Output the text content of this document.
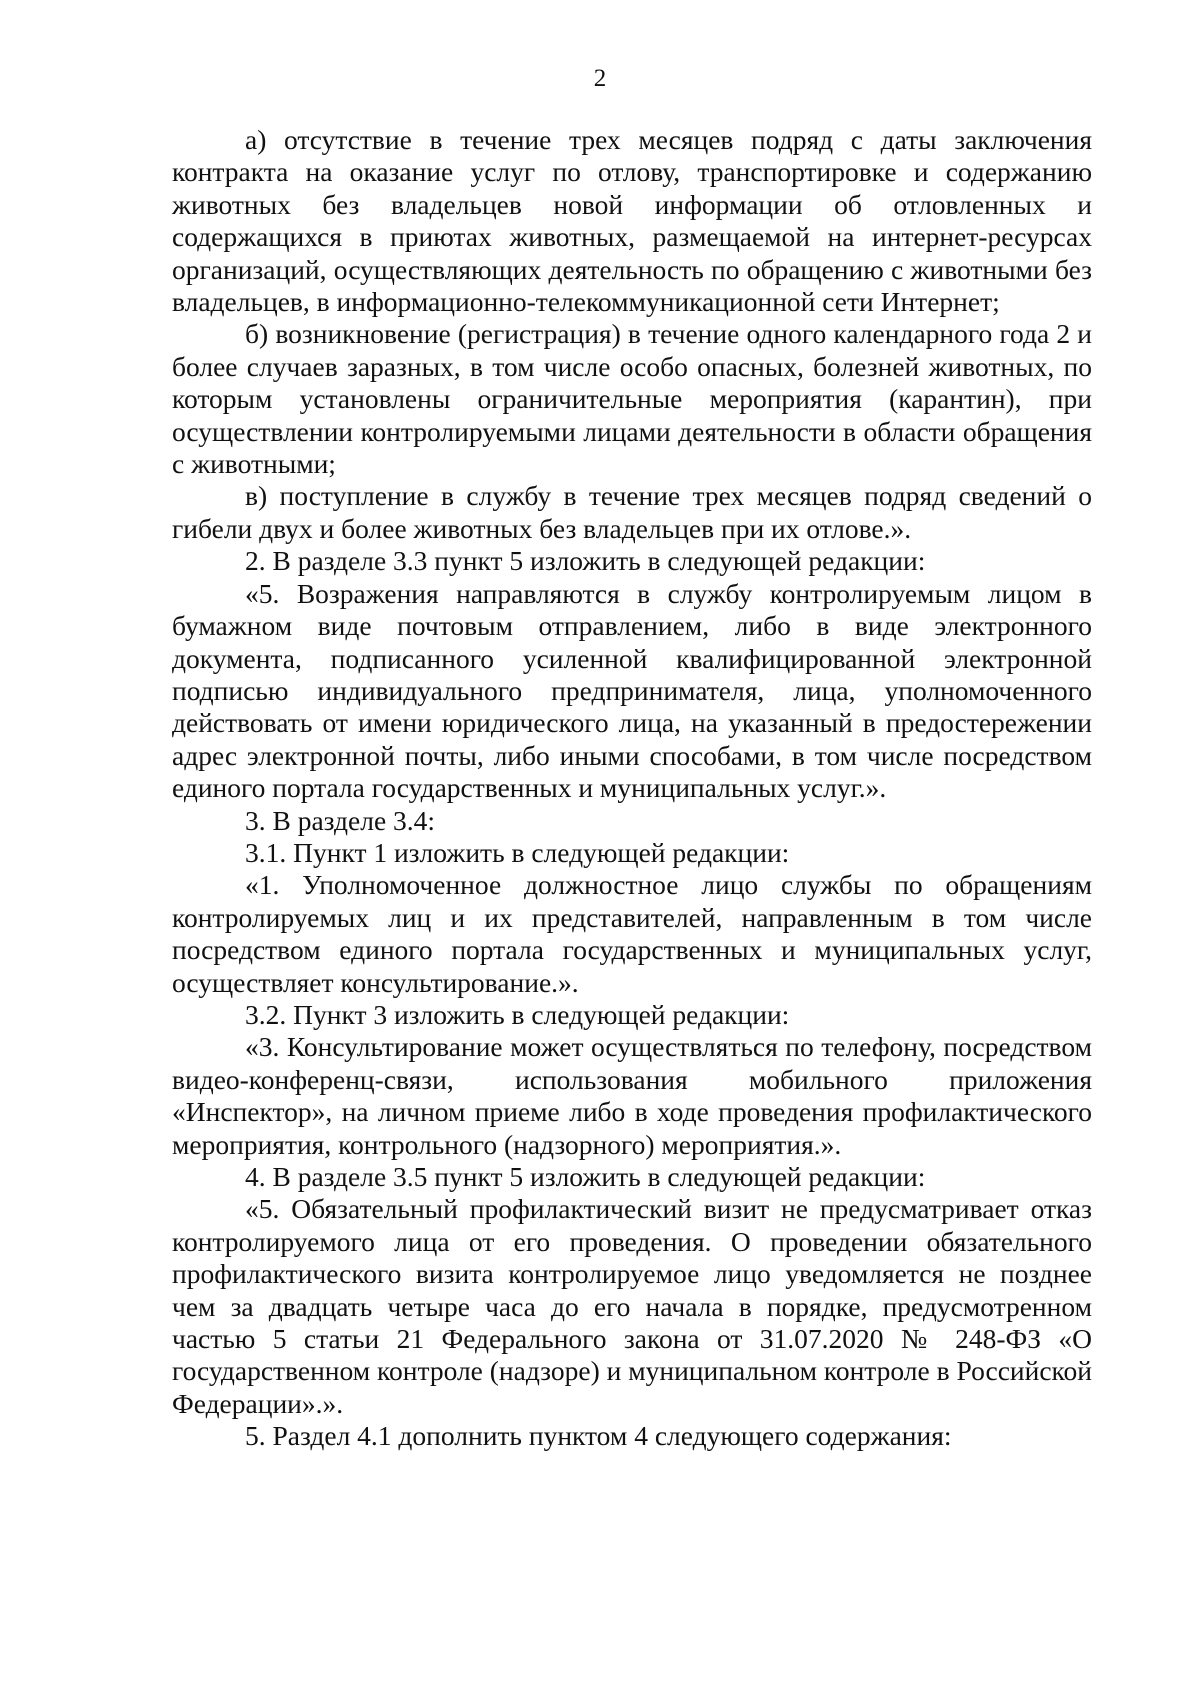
2

а) отсутствие в течение трех месяцев подряд с даты заключения контракта на оказание услуг по отлову, транспортировке и содержанию животных без владельцев новой информации об отловленных и содержащихся в приютах животных, размещаемой на интернет-ресурсах организаций, осуществляющих деятельность по обращению с животными без владельцев, в информационно-телекоммуникационной сети Интернет;

б) возникновение (регистрация) в течение одного календарного года 2 и более случаев заразных, в том числе особо опасных, болезней животных, по которым установлены ограничительные мероприятия (карантин), при осуществлении контролируемыми лицами деятельности в области обращения с животными;

в) поступление в службу в течение трех месяцев подряд сведений о гибели двух и более животных без владельцев при их отлове.».

2. В разделе 3.3 пункт 5 изложить в следующей редакции:

«5. Возражения направляются в службу контролируемым лицом в бумажном виде почтовым отправлением, либо в виде электронного документа, подписанного усиленной квалифицированной электронной подписью индивидуального предпринимателя, лица, уполномоченного действовать от имени юридического лица, на указанный в предостережении адрес электронной почты, либо иными способами, в том числе посредством единого портала государственных и муниципальных услуг.».

3. В разделе 3.4:

3.1. Пункт 1 изложить в следующей редакции:

«1. Уполномоченное должностное лицо службы по обращениям контролируемых лиц и их представителей, направленным в том числе посредством единого портала государственных и муниципальных услуг, осуществляет консультирование.».

3.2. Пункт 3 изложить в следующей редакции:

«3. Консультирование может осуществляться по телефону, посредством видео-конференц-связи, использования мобильного приложения «Инспектор», на личном приеме либо в ходе проведения профилактического мероприятия, контрольного (надзорного) мероприятия.».

4. В разделе 3.5 пункт 5 изложить в следующей редакции:

«5. Обязательный профилактический визит не предусматривает отказ контролируемого лица от его проведения. О проведении обязательного профилактического визита контролируемое лицо уведомляется не позднее чем за двадцать четыре часа до его начала в порядке, предусмотренном частью 5 статьи 21 Федерального закона от 31.07.2020 № 248-ФЗ «О государственном контроле (надзоре) и муниципальном контроле в Российской Федерации».».

5. Раздел 4.1 дополнить пунктом 4 следующего содержания:
